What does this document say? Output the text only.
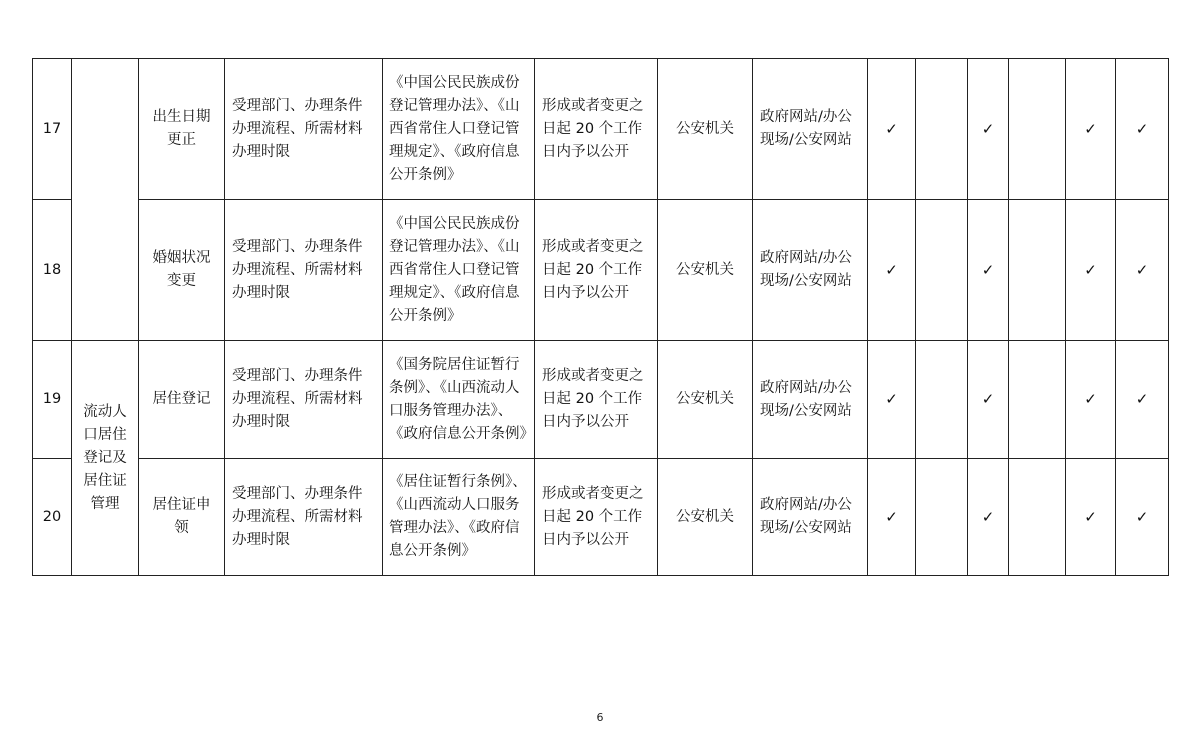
17		出生日期更正	受理部门、办理条件办理流程、所需材料办理时限	《中国公民民族成份登记管理办法》、《山西省常住人口登记管理规定》、《政府信息公开条例》	形成或者变更之日起 20 个工作日内予以公开	公安机关	政府网站/办公现场/公安网站	✓		✓		✓	✓
18		婚姻状况变更	受理部门、办理条件办理流程、所需材料办理时限	《中国公民民族成份登记管理办法》、《山西省常住人口登记管理规定》、《政府信息公开条例》	形成或者变更之日起 20 个工作日内予以公开	公安机关	政府网站/办公现场/公安网站	✓		✓		✓	✓
19	流动人口居住登记及居住证管理	居住登记	受理部门、办理条件办理流程、所需材料办理时限	《国务院居住证暂行条例》、《山西流动人口服务管理办法》、《政府信息公开条例》	形成或者变更之日起 20 个工作日内予以公开	公安机关	政府网站/办公现场/公安网站	✓		✓		✓	✓
20		居住证申领	受理部门、办理条件办理流程、所需材料办理时限	《居住证暂行条例》、《山西流动人口服务管理办法》、《政府信息公开条例》	形成或者变更之日起 20 个工作日内予以公开	公安机关	政府网站/办公现场/公安网站	✓		✓		✓	✓
6
